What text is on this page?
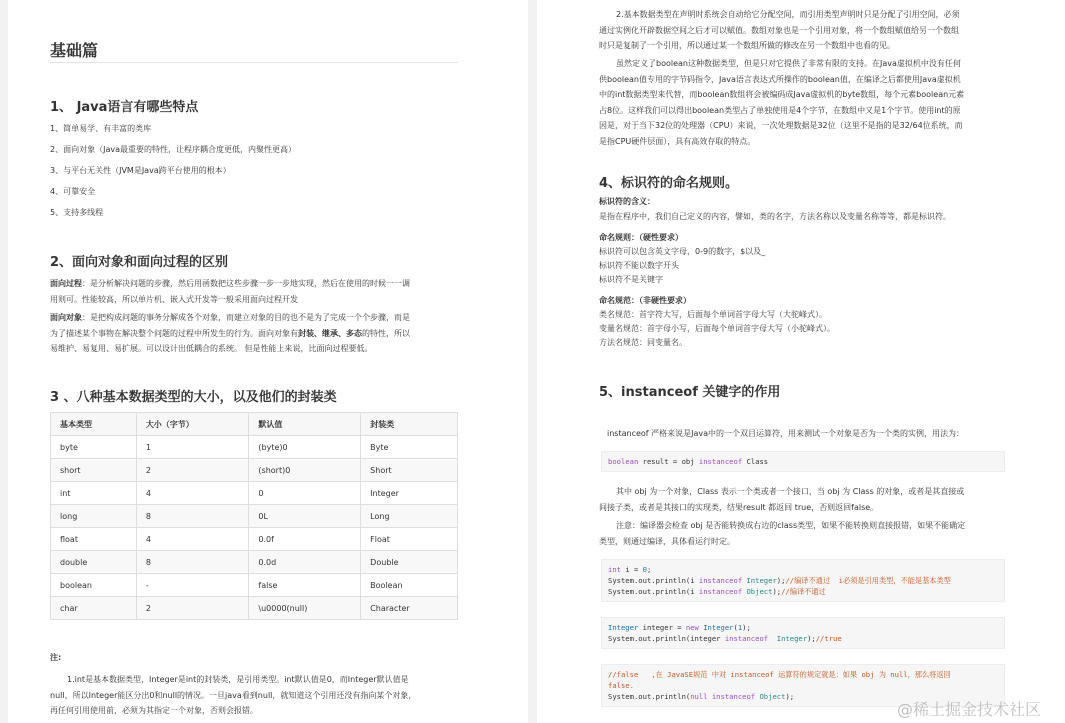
基础篇
1、 Java语言有哪些特点
1、简单易学、有丰富的类库
2、面向对象（Java最重要的特性，让程序耦合度更低，内聚性更高）
3、与平台无关性（JVM是Java跨平台使用的根本）
4、可靠安全
5、支持多线程
2、面向对象和面向过程的区别
面向过程：是分析解决问题的步骤，然后用函数把这些步骤一步一步地实现，然后在使用的时候一一调
用则可。性能较高，所以单片机、嵌入式开发等一般采用面向过程开发
面向对象：是把构成问题的事务分解成各个对象，而建立对象的目的也不是为了完成一个个步骤，而是
为了描述某个事物在解决整个问题的过程中所发生的行为。面向对象有封装、继承、多态的特性，所以
易维护、易复用、易扩展。可以设计出低耦合的系统。 但是性能上来说，比面向过程要低。
3 、八种基本数据类型的大小，以及他们的封装类
基本类型	大小（字节）	默认值	封装类
byte	1	(byte)0	Byte
short	2	(short)0	Short
int	4	0	Integer
long	8	0L	Long
float	4	0.0f	Float
double	8	0.0d	Double
boolean	-	false	Boolean
char	2	\u0000(null)	Character
注:
1.int是基本数据类型，Integer是int的封装类，是引用类型。int默认值是0，而Integer默认值是
null，所以Integer能区分出0和null的情况。一旦java看到null，就知道这个引用还没有指向某个对象，
再任何引用使用前，必须为其指定一个对象，否则会报错。
2.基本数据类型在声明时系统会自动给它分配空间，而引用类型声明时只是分配了引用空间，必须
通过实例化开辟数据空间之后才可以赋值。数组对象也是一个引用对象，将一个数组赋值给另一个数组
时只是复制了一个引用，所以通过某一个数组所做的修改在另一个数组中也看的见。
虽然定义了boolean这种数据类型，但是只对它提供了非常有限的支持。在Java虚拟机中没有任何
供boolean值专用的字节码指令，Java语言表达式所操作的boolean值，在编译之后都使用Java虚拟机
中的int数据类型来代替，而boolean数组将会被编码成Java虚拟机的byte数组，每个元素boolean元素
占8位。这样我们可以得出boolean类型占了单独使用是4个字节，在数组中又是1个字节。使用int的原
因是，对于当下32位的处理器（CPU）来说，一次处理数据是32位（这里不是指的是32/64位系统，而
是指CPU硬件层面），具有高效存取的特点。
4、标识符的命名规则。
标识符的含义：
是指在程序中，我们自己定义的内容，譬如，类的名字，方法名称以及变量名称等等，都是标识符。
命名规则：（硬性要求）
标识符可以包含英文字母，0-9的数字，$以及_
标识符不能以数字开头
标识符不是关键字
命名规范：（非硬性要求）
类名规范：首字符大写，后面每个单词首字母大写（大驼峰式）。
变量名规范：首字母小写，后面每个单词首字母大写（小驼峰式）。
方法名规范：同变量名。
5、instanceof 关键字的作用
instanceof 严格来说是Java中的一个双目运算符，用来测试一个对象是否为一个类的实例，用法为：
boolean result = obj instanceof Class
其中 obj 为一个对象，Class 表示一个类或者一个接口，当 obj 为 Class 的对象，或者是其直接或
间接子类，或者是其接口的实现类，结果result 都返回 true，否则返回false。
注意：编译器会检查 obj 是否能转换成右边的class类型，如果不能转换则直接报错，如果不能确定
类型，则通过编译，具体看运行时定。
int i = 0;
System.out.println(i instanceof Integer);//编译不通过  i必须是引用类型，不能是基本类型
System.out.println(i instanceof Object);//编译不通过
Integer integer = new Integer(1);
System.out.println(integer instanceof  Integer);//true
//false   ,在 JavaSE规范 中对 instanceof 运算符的规定就是：如果 obj 为 null，那么将返回
false.
System.out.println(null instanceof Object);
@稀土掘金技术社区
